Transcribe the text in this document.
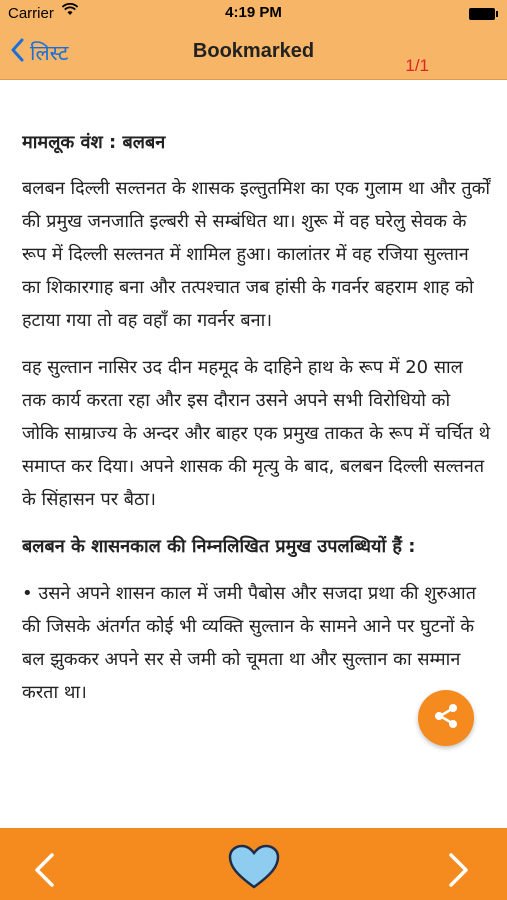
Carrier	4:19 PM
लिस्ट	Bookmarked
1/1
मामलूक वंश : बलबन

बलबन दिल्ली सल्तनत के शासक इल्तुतमिश का एक गुलाम था और तुर्कों की प्रमुख जनजाति इल्बरी से सम्बंधित था। शुरू में वह घरेलु सेवक के रूप में दिल्ली सल्तनत में शामिल हुआ। कालांतर में वह रजिया सुल्तान का शिकारगाह बना और तत्पश्चात जब हांसी के गवर्नर बहराम शाह को हटाया गया तो वह वहाँ का गवर्नर बना।

वह सुल्तान नासिर उद दीन महमूद के दाहिने हाथ के रूप में 20 साल तक कार्य करता रहा और इस दौरान उसने अपने सभी विरोधियो को जोकि साम्राज्य के अन्दर और बाहर एक प्रमुख ताकत के रूप में चर्चित थे समाप्त कर दिया। अपने शासक की मृत्यु के बाद, बलबन दिल्ली सल्तनत के सिंहासन पर बैठा।

बलबन के शासनकाल की निम्नलिखित प्रमुख उपलब्धियों हैं :

• उसने अपने शासन काल में जमी पैबोस और सजदा प्रथा की शुरुआत की जिसके अंतर्गत कोई भी व्यक्ति सुल्तान के सामने आने पर घुटनों के बल झुककर अपने सर से जमी को चूमता था और सुल्तान का सम्मान करता था।
